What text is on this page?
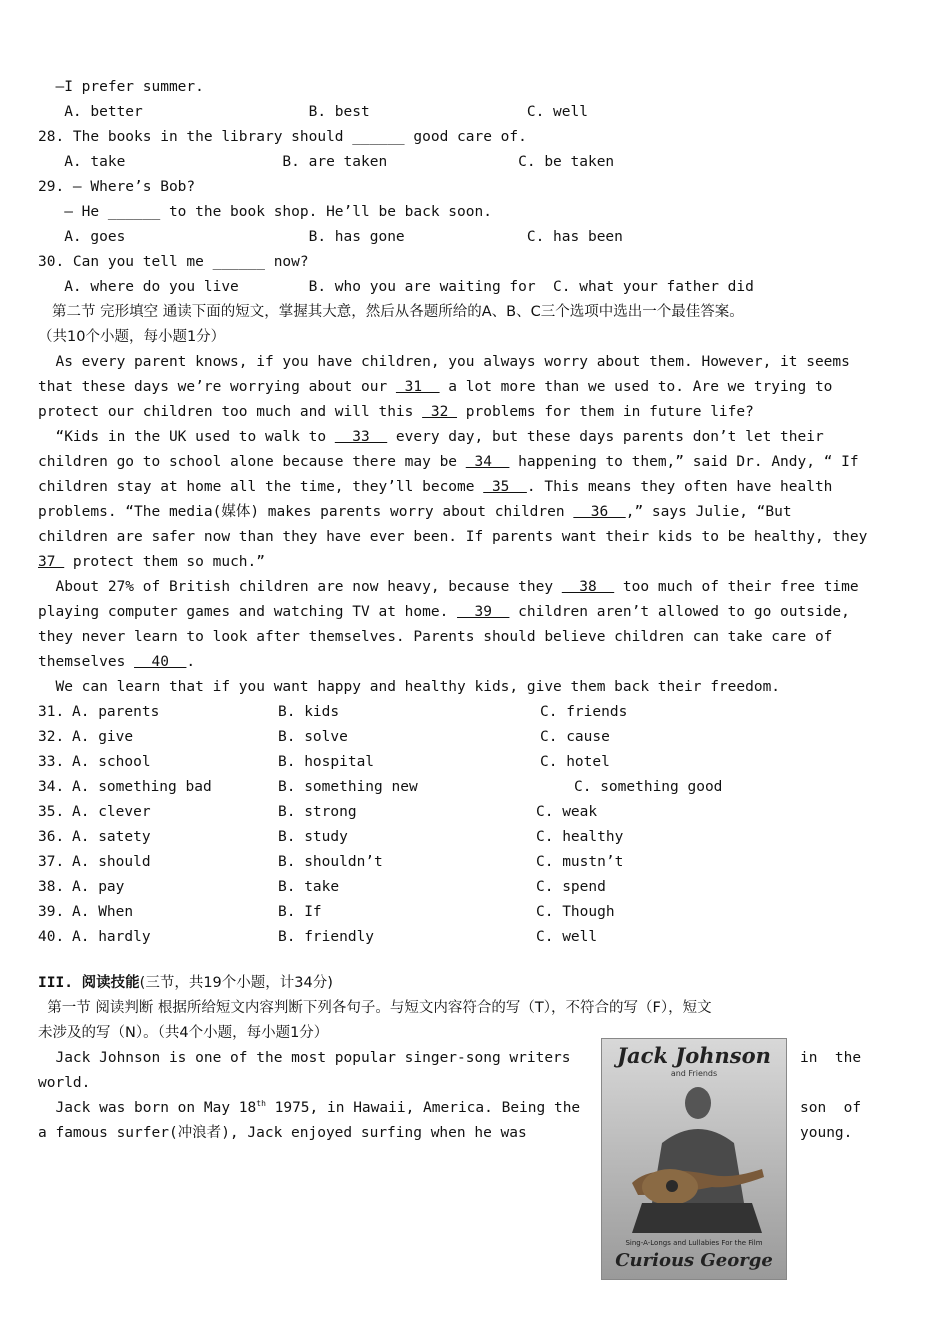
—I prefer summer.
A. better                   B. best                  C. well
28. The books in the library should ______ good care of.
A. take                  B. are taken               C. be taken
29. — Where’s Bob?
— He ______ to the book shop. He’ll be back soon.
A. goes                     B. has gone              C. has been
30. Can you tell me ______ now?
A. where do you live        B. who you are waiting for  C. what your father did
第二节 完形填空 通读下面的短文，掌握其大意，然后从各题所给的A、B、C三个选项中选出一个最佳答案。
（共10个小题，每小题1分）
As every parent knows, if you have children, you always worry about them. However, it seems
that these days we’re worrying about our  31   a lot more than we used to. Are we trying to
protect our children too much and will this  32  problems for them in future life?
“Kids in the UK used to walk to   33   every day, but these days parents don’t let their
children go to school alone because there may be  34   happening to them,” said Dr. Andy, “ If
children stay at home all the time, they’ll become  35  . This means they often have health
problems. “The media(媒体) makes parents worry about children   36  ,” says Julie, “But
children are safer now than they have ever been. If parents want their kids to be healthy, they
37  protect them so much.”
About 27% of British children are now heavy, because they   38   too much of their free time
playing computer games and watching TV at home.   39   children aren’t allowed to go outside,
they never learn to look after themselves. Parents should believe children can take care of
themselves   40  .
We can learn that if you want happy and healthy kids, give them back their freedom.
31. A. parents	B. kids	C. friends
32. A. give	B. solve	C. cause
33. A. school	B. hospital	C. hotel
34. A. something bad	B. something new	C. something good
35. A. clever	B. strong	C. weak
36. A. satety	B. study	C. healthy
37. A. should	B. shouldn’t	C. mustn’t
38. A. pay	B. take	C. spend
39. A. When	B. If	C. Though
40. A. hardly	B. friendly	C. well
III. 阅读技能(三节，共19个小题，计34分)
第一节 阅读判断 根据所给短文内容判断下列各句子。与短文内容符合的写（T），不符合的写（F），短文
未涉及的写（N）。（共4个小题，每小题1分）
Jack Johnson is one of the most popular singer-song writers	in  the
world.
Jack was born on May 18th 1975, in Hawaii, America. Being the	son  of
a famous surfer(冲浪者), Jack enjoyed surfing when he was	young.
Jack Johnson
and Friends
Sing-A-Longs and Lullabies For the Film
Curious George
